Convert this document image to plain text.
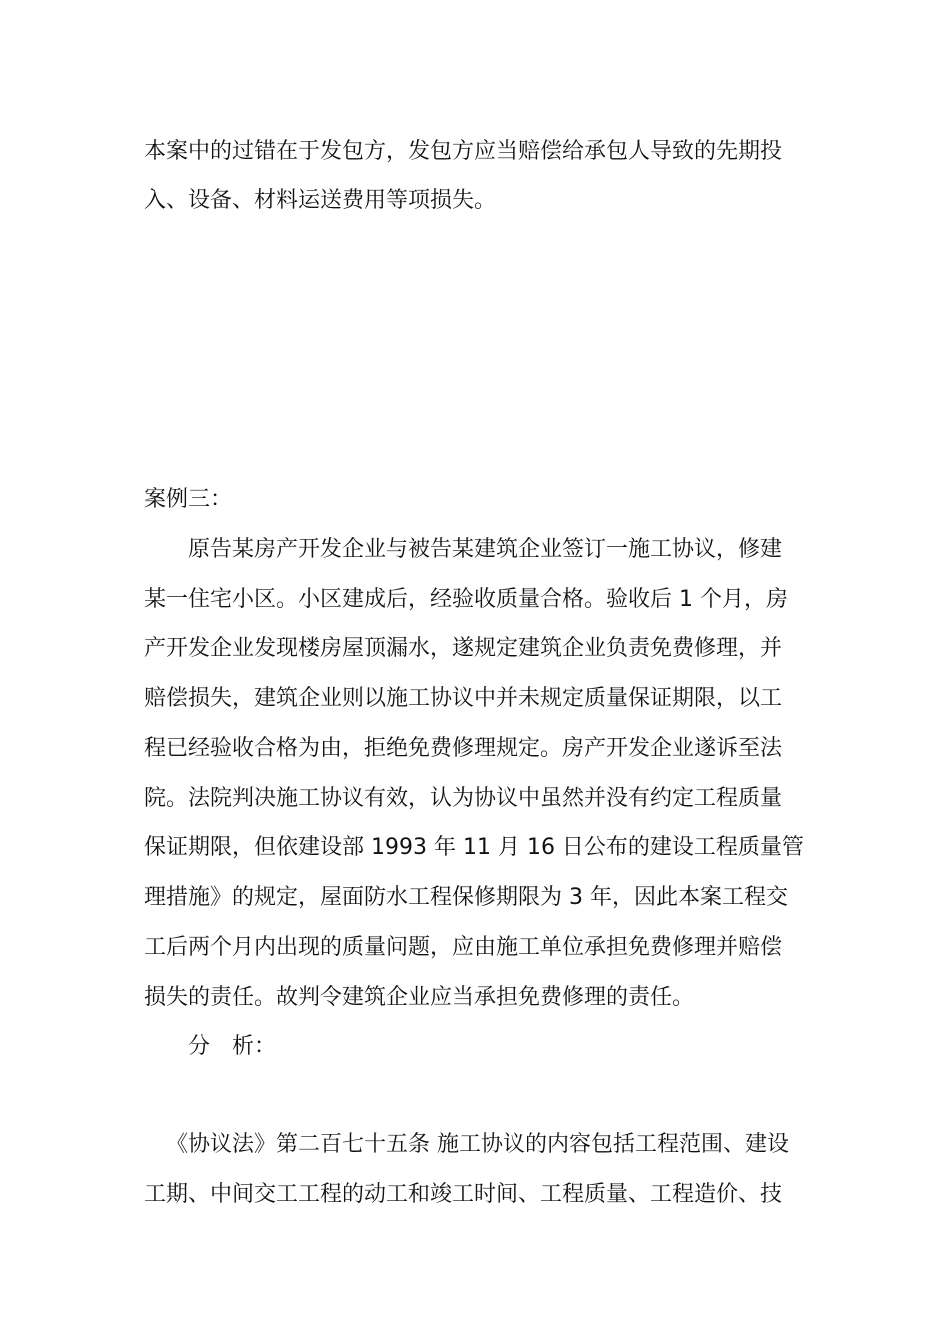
本案中的过错在于发包方，发包方应当赔偿给承包人导致的先期投
入、设备、材料运送费用等项损失。
案例三：
原告某房产开发企业与被告某建筑企业签订一施工协议，修建
某一住宅小区。小区建成后，经验收质量合格。验收后 1 个月，房
产开发企业发现楼房屋顶漏水，遂规定建筑企业负责免费修理，并
赔偿损失，建筑企业则以施工协议中并未规定质量保证期限，以工
程已经验收合格为由，拒绝免费修理规定。房产开发企业遂诉至法
院。法院判决施工协议有效，认为协议中虽然并没有约定工程质量
保证期限，但依建设部 1993 年 11 月 16 日公布的建设工程质量管
理措施》的规定，屋面防水工程保修期限为 3 年，因此本案工程交
工后两个月内出现的质量问题，应由施工单位承担免费修理并赔偿
损失的责任。故判令建筑企业应当承担免费修理的责任。
分　析：
《协议法》第二百七十五条 施工协议的内容包括工程范围、建设
工期、中间交工工程的动工和竣工时间、工程质量、工程造价、技
